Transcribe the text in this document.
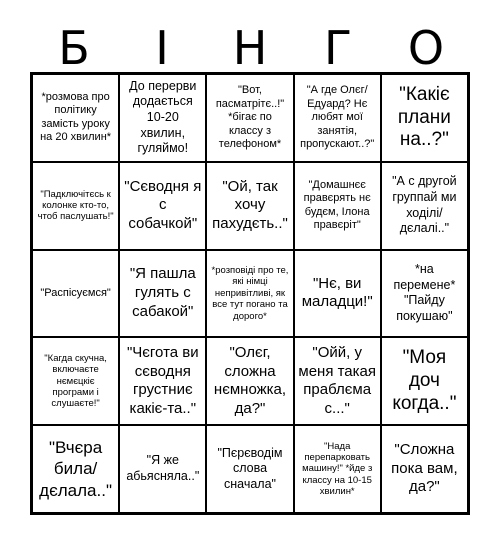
Б	І	Н	Г	О
*розмова про політику замість уроку на 20 хвилин*
До перерви додається 10-20 хвилин, гуляймо!
"Вот, пасматрітє..!" *бігає по классу з телефоном*
"А где Олєг/ Едуард? Нє любят мої занятія, пропускают..?"
"Какіє плани на..?"
"Падключітєсь к колонке кто-то, чтоб паслушать!"
"Сєводня я с собачкой"
"Ой, так хочу пахудєть.."
"Домашнєє правєрять нє будєм, Ілона правєріт"
"А с другой группай ми ходілі/ дєлалі.."
"Распісуємся"
"Я пашла гулять с сабакой"
*розповіді про те, які німці непривітливі, як все тут погано та дорого*
"Нє, ви маладци!"
*на перемене* "Пайду покушаю"
"Кагда скучна, включаєте нємєцкіє програми і слушаєте!"
"Чєгота ви сєводня грустниє какіє-та.."
"Олєг, сложна нємножка, да?"
"Ойй, у меня такая праблєма с..."
"Моя доч когда.."
"Вчєра била/ дєлала.."
"Я же абьясняла.."
"Пєрєводім слова сначала"
"Нада перепарковать машину!" *йде з классу на 10-15 хвилин*
"Сложна пока вам, да?"
